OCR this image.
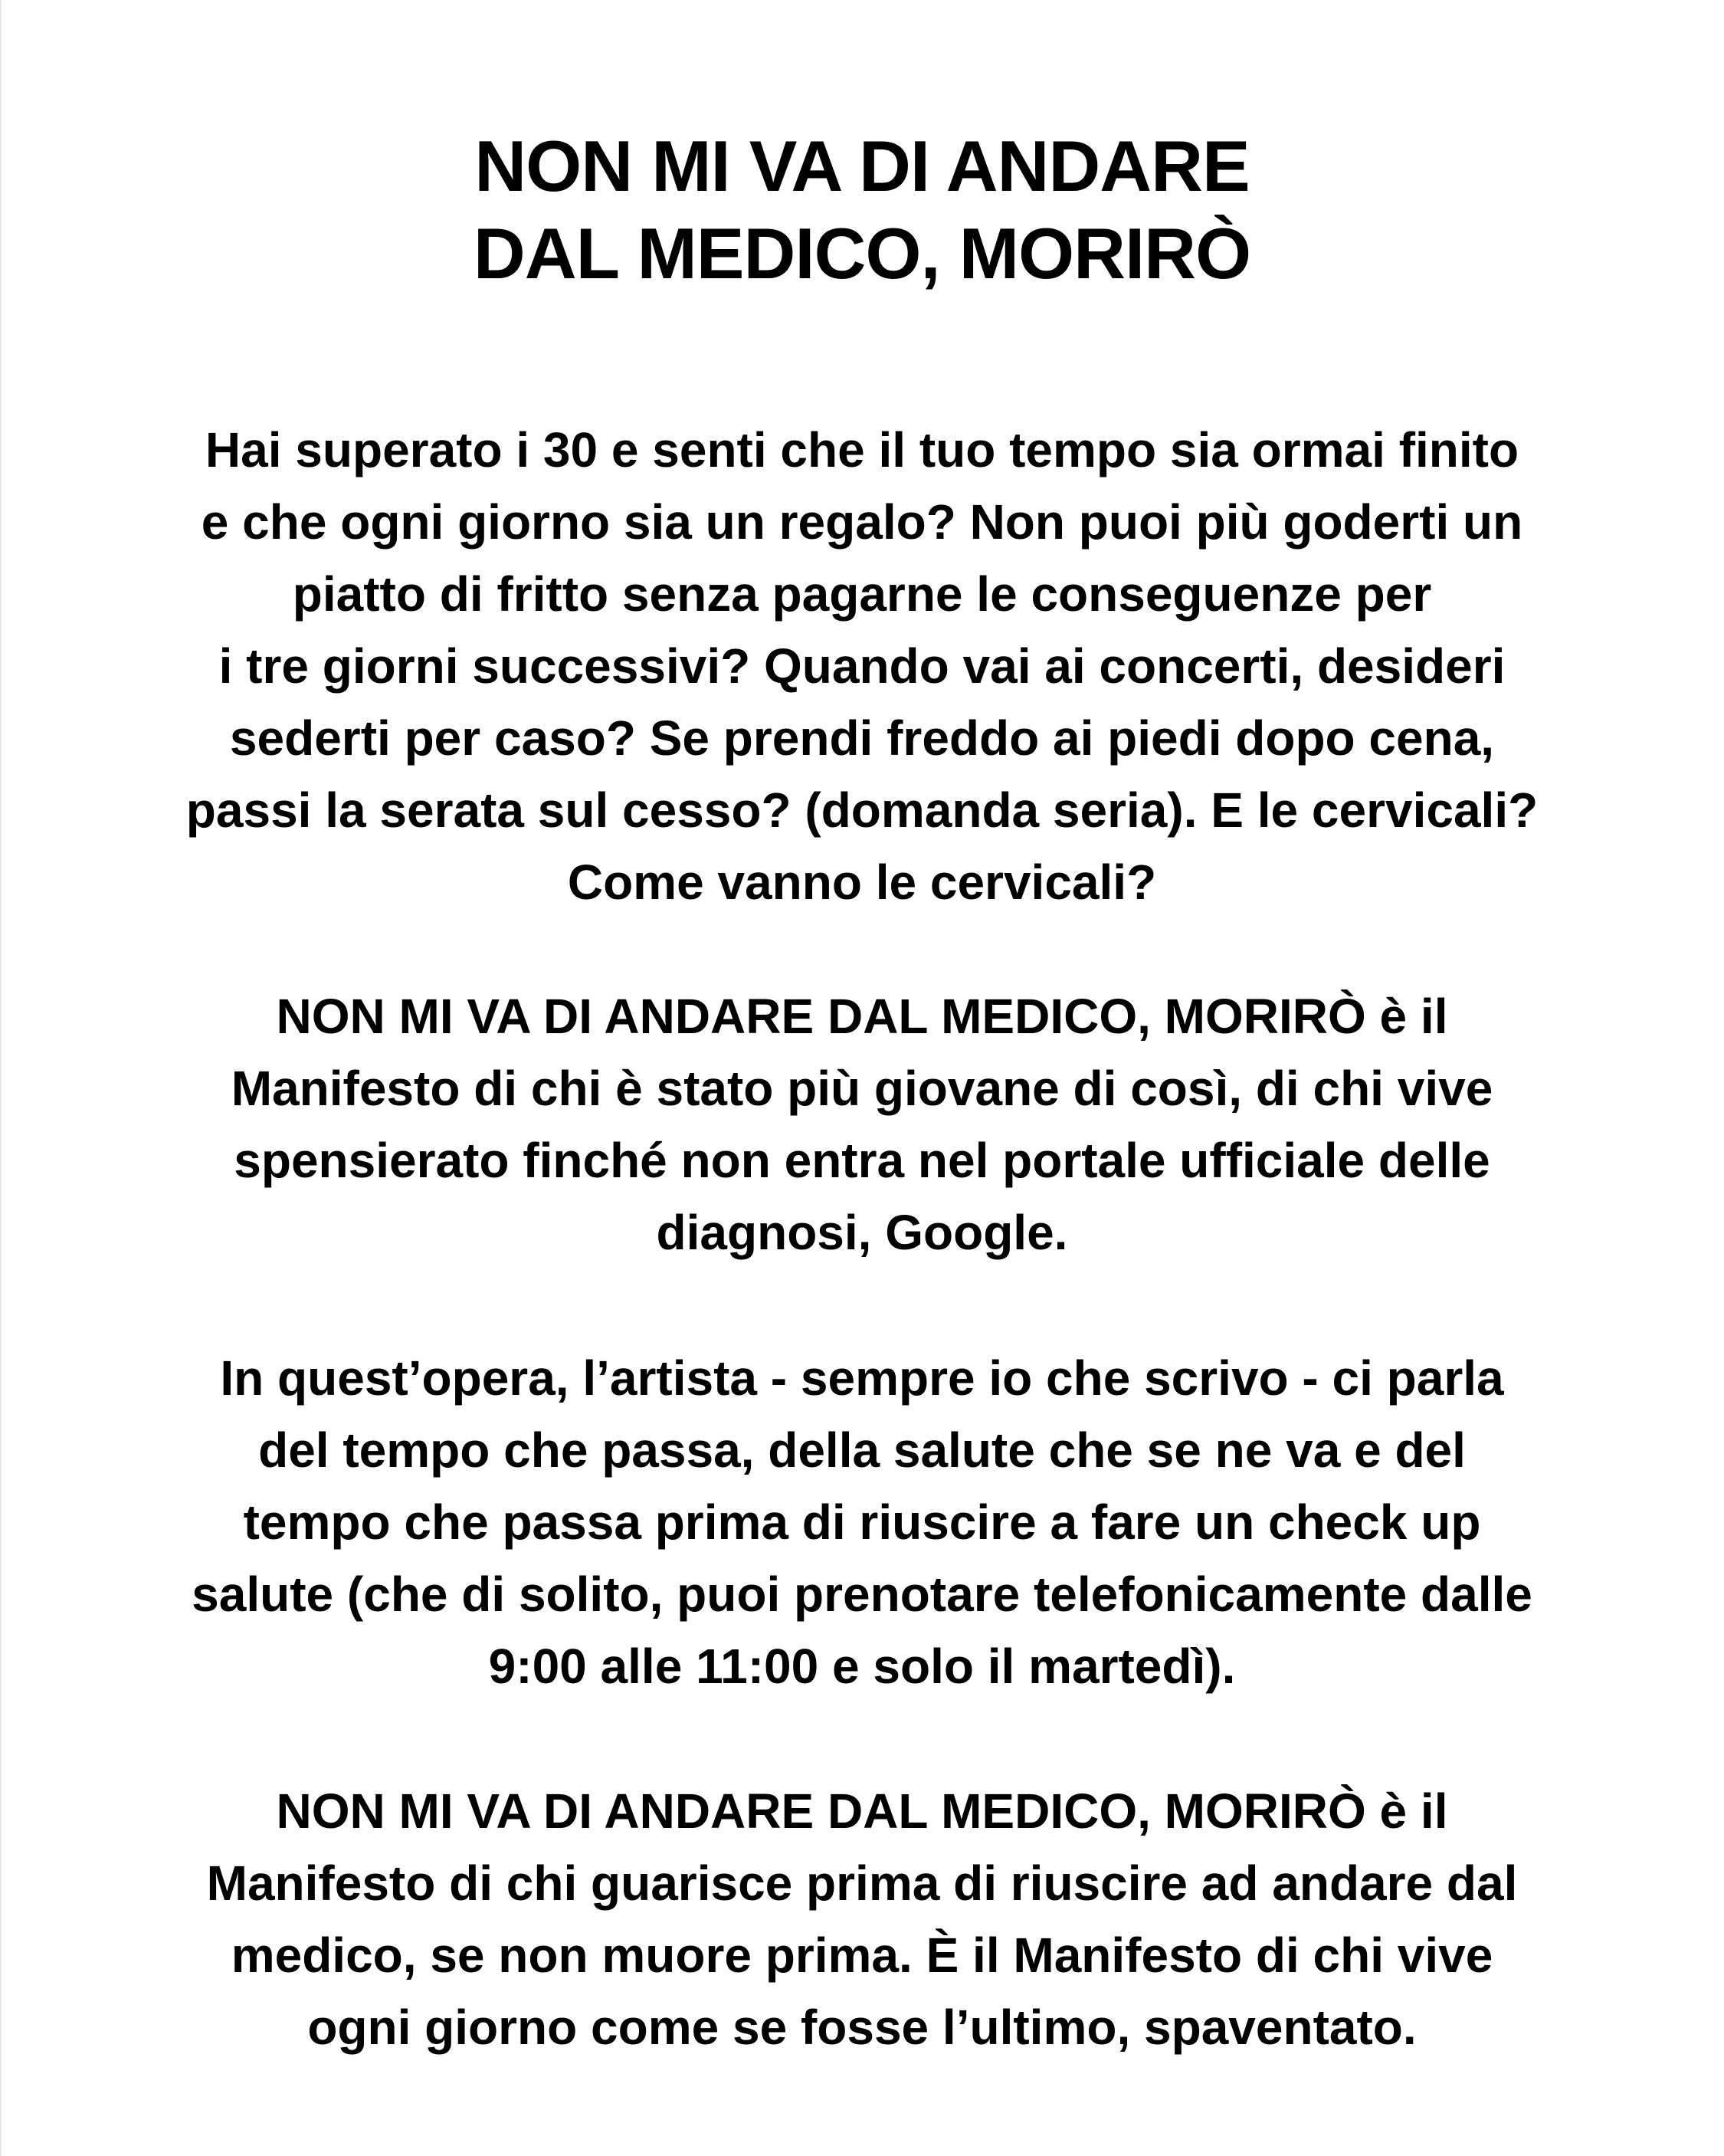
NON MI VA DI ANDARE
DAL MEDICO, MORIRÒ
Hai superato i 30 e senti che il tuo tempo sia ormai finito
e che ogni giorno sia un regalo? Non puoi più goderti un
piatto di fritto senza pagarne le conseguenze per
i tre giorni successivi? Quando vai ai concerti, desideri
sederti per caso? Se prendi freddo ai piedi dopo cena,
passi la serata sul cesso? (domanda seria). E le cervicali?
Come vanno le cervicali?
NON MI VA DI ANDARE DAL MEDICO, MORIRÒ è il
Manifesto di chi è stato più giovane di così, di chi vive
spensierato finché non entra nel portale ufficiale delle
diagnosi, Google.
In quest’opera, l’artista - sempre io che scrivo - ci parla
del tempo che passa, della salute che se ne va e del
tempo che passa prima di riuscire a fare un check up
salute (che di solito, puoi prenotare telefonicamente dalle
9:00 alle 11:00 e solo il martedì).
NON MI VA DI ANDARE DAL MEDICO, MORIRÒ è il
Manifesto di chi guarisce prima di riuscire ad andare dal
medico, se non muore prima. È il Manifesto di chi vive
ogni giorno come se fosse l’ultimo, spaventato.
